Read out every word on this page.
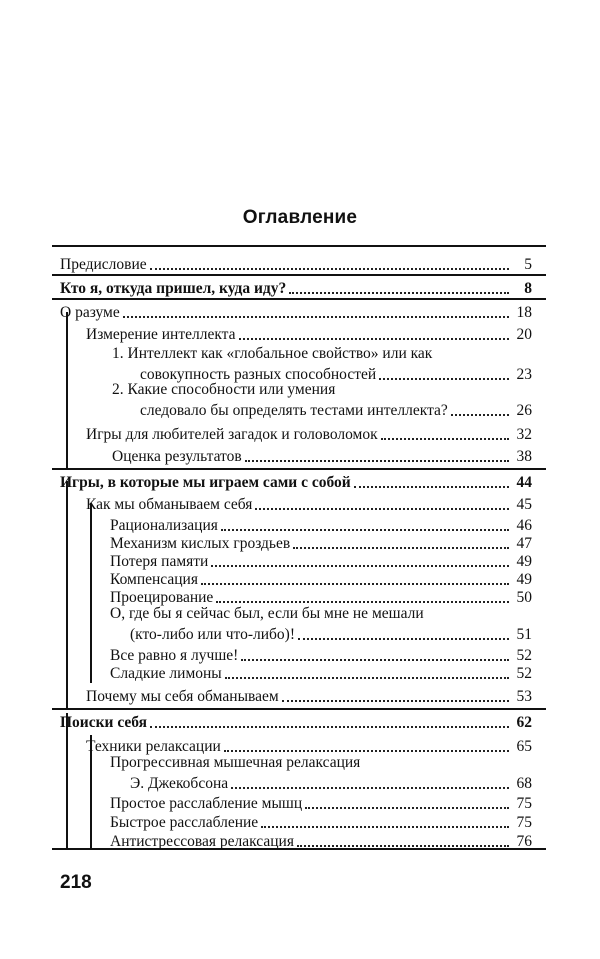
Оглавление
Предисловие	5
Кто я, откуда пришел, куда иду?	8
О разуме	18
Измерение интеллекта	20
1. Интеллект как «глобальное свойство» или как
совокупность разных способностей	23
2. Какие способности или умения
следовало бы определять тестами интеллекта?	26
Игры для любителей загадок и головоломок	32
Оценка результатов	38
Игры, в которые мы играем сами с собой	44
Как мы обманываем себя	45
Рационализация	46
Механизм кислых гроздьев	47
Потеря памяти	49
Компенсация	49
Проецирование	50
О, где бы я сейчас был, если бы мне не мешали
(кто-либо или что-либо)!	51
Все равно я лучше!	52
Сладкие лимоны	52
Почему мы себя обманываем	53
Поиски себя	62
Техники релаксации	65
Прогрессивная мышечная релаксация
Э. Джекобсона	68
Простое расслабление мышц	75
Быстрое расслабление	75
Антистрессовая релаксация	76
218
